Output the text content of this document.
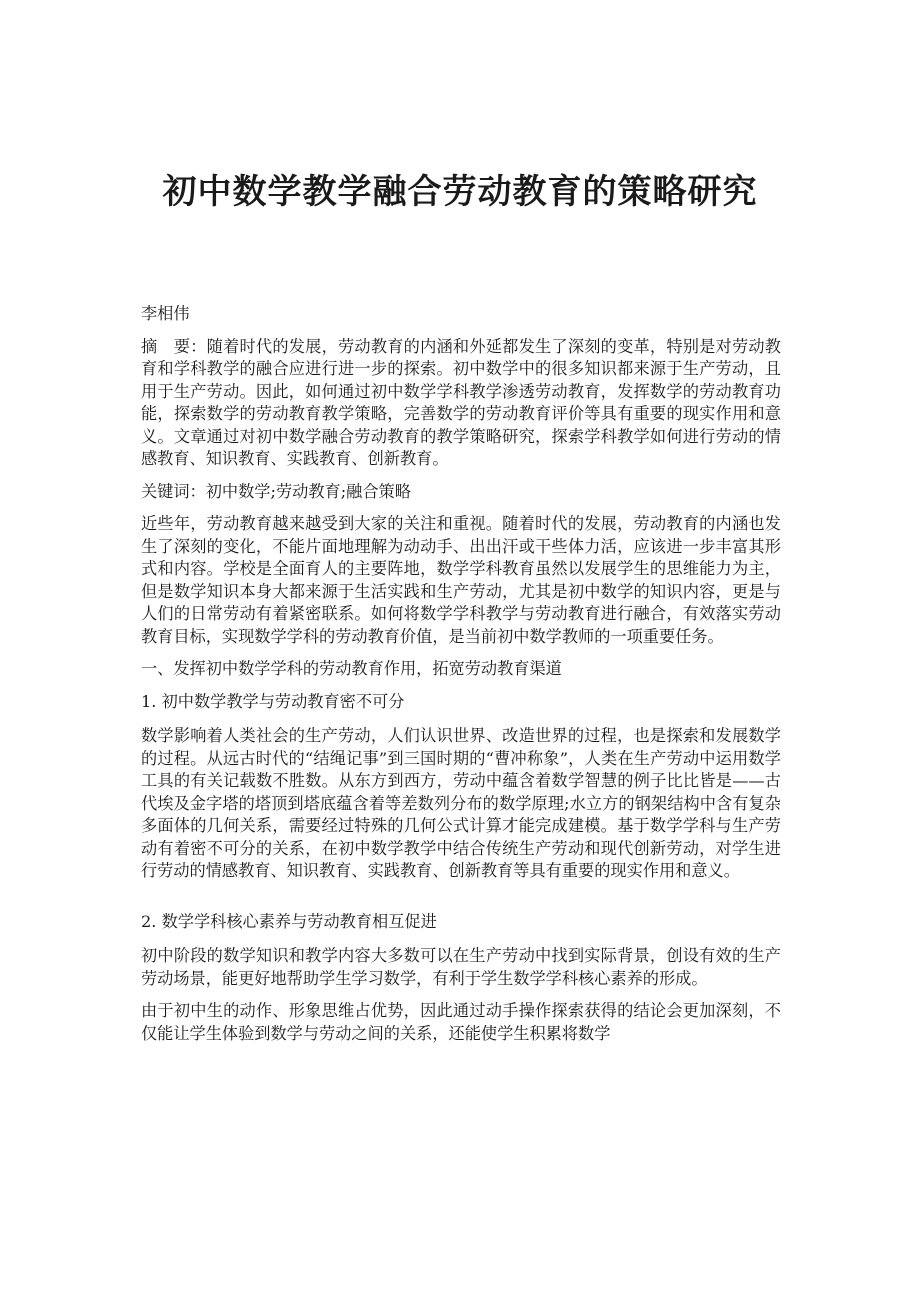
初中数学教学融合劳动教育的策略研究

李相伟

摘　要：随着时代的发展，劳动教育的内涵和外延都发生了深刻的变革，特别是对劳动教育和学科教学的融合应进行进一步的探索。初中数学中的很多知识都来源于生产劳动，且用于生产劳动。因此，如何通过初中数学学科教学渗透劳动教育，发挥数学的劳动教育功能，探索数学的劳动教育教学策略，完善数学的劳动教育评价等具有重要的现实作用和意义。文章通过对初中数学融合劳动教育的教学策略研究，探索学科教学如何进行劳动的情感教育、知识教育、实践教育、创新教育。

关键词：初中数学;劳动教育;融合策略

近些年，劳动教育越来越受到大家的关注和重视。随着时代的发展，劳动教育的内涵也发生了深刻的变化，不能片面地理解为动动手、出出汗或干些体力活，应该进一步丰富其形式和内容。学校是全面育人的主要阵地，数学学科教育虽然以发展学生的思维能力为主，但是数学知识本身大都来源于生活实践和生产劳动，尤其是初中数学的知识内容，更是与人们的日常劳动有着紧密联系。如何将数学学科教学与劳动教育进行融合，有效落实劳动教育目标，实现数学学科的劳动教育价值，是当前初中数学教师的一项重要任务。

一、发挥初中数学学科的劳动教育作用，拓宽劳动教育渠道

1. 初中数学教学与劳动教育密不可分

数学影响着人类社会的生产劳动，人们认识世界、改造世界的过程，也是探索和发展数学的过程。从远古时代的“结绳记事”到三国时期的“曹冲称象”，人类在生产劳动中运用数学工具的有关记载数不胜数。从东方到西方，劳动中蕴含着数学智慧的例子比比皆是——古代埃及金字塔的塔顶到塔底蕴含着等差数列分布的数学原理;水立方的钢架结构中含有复杂多面体的几何关系，需要经过特殊的几何公式计算才能完成建模。基于数学学科与生产劳动有着密不可分的关系，在初中数学教学中结合传统生产劳动和现代创新劳动，对学生进行劳动的情感教育、知识教育、实践教育、创新教育等具有重要的现实作用和意义。

2. 数学学科核心素养与劳动教育相互促进

初中阶段的数学知识和教学内容大多数可以在生产劳动中找到实际背景，创设有效的生产劳动场景，能更好地帮助学生学习数学，有利于学生数学学科核心素养的形成。

由于初中生的动作、形象思维占优势，因此通过动手操作探索获得的结论会更加深刻，不仅能让学生体验到数学与劳动之间的关系，还能使学生积累将数学
